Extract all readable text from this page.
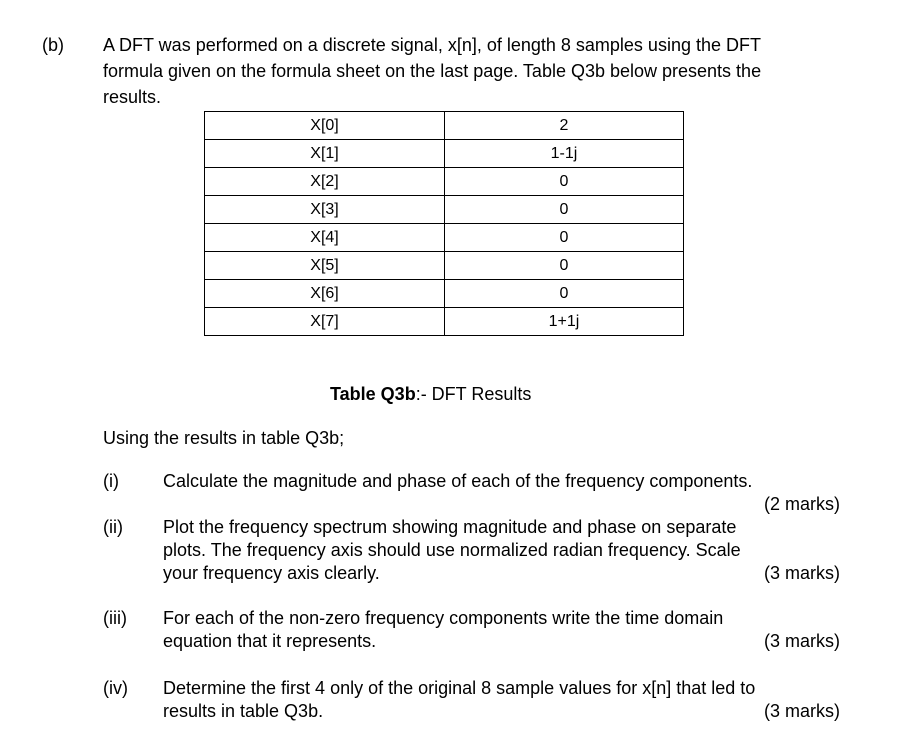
(b) A DFT was performed on a discrete signal, x[n], of length 8 samples using the DFT
formula given on the formula sheet on the last page. Table Q3b below presents the
results.
X[0]	2
X[1]	1-1j
X[2]	0
X[3]	0
X[4]	0
X[5]	0
X[6]	0
X[7]	1+1j
Table Q3b:- DFT Results
Using the results in table Q3b;
(i) Calculate the magnitude and phase of each of the frequency components.
(2 marks)
(ii) Plot the frequency spectrum showing magnitude and phase on separate
plots. The frequency axis should use normalized radian frequency. Scale
your frequency axis clearly.	(3 marks)
(iii) For each of the non-zero frequency components write the time domain
equation that it represents.	(3 marks)
(iv) Determine the first 4 only of the original 8 sample values for x[n] that led to
results in table Q3b.	(3 marks)
